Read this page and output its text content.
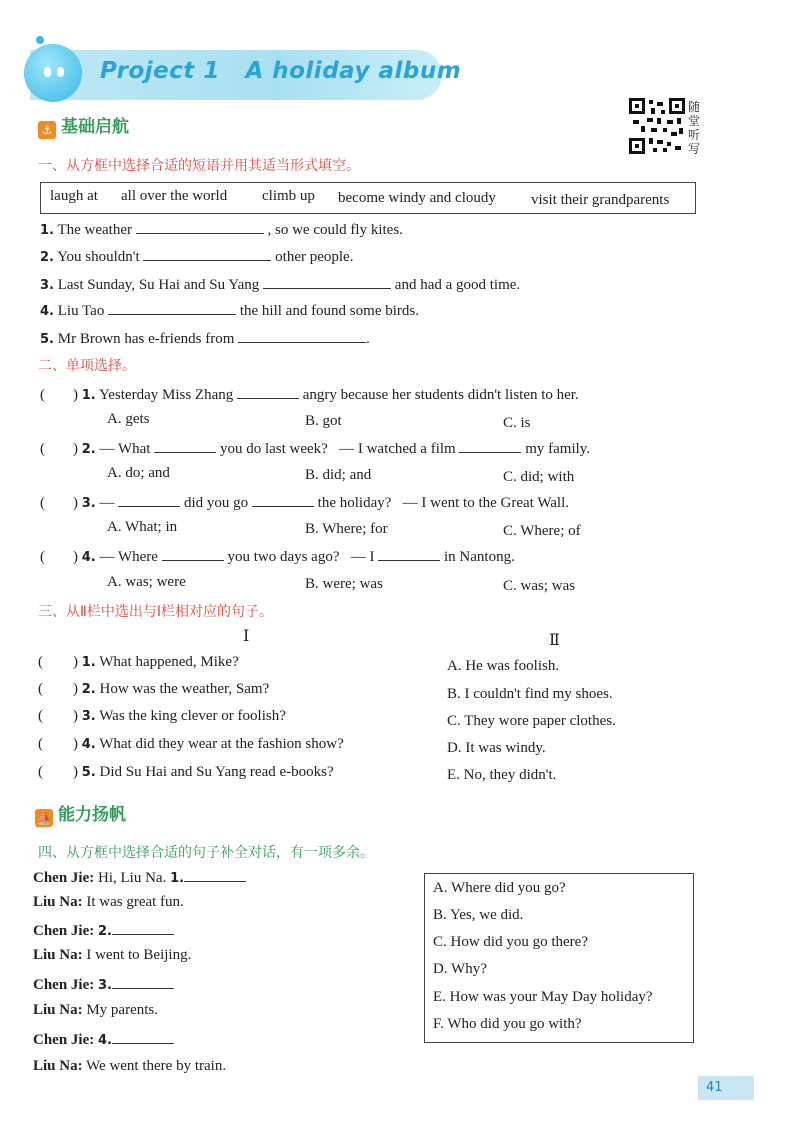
Project 1   A holiday album
随
堂
听
写
⚓ 基础启航
一、从方框中选择合适的短语并用其适当形式填空。
laugh at all over the world climb up become windy and cloudy visit their grandparents
1. The weather	, so we could fly kites.
2. You shouldn't	other people.
3. Last Sunday, Su Hai and Su Yang	and had a good time.
4. Liu Tao	the hill and found some birds.
5. Mr Brown has e-friends from	.
二、单项选择。
( ) 1. Yesterday Miss Zhang	angry because her students didn't listen to her.
A. gets	B. got	C. is
( ) 2. — What	you do last week?   — I watched a film	my family.
A. do; and	B. did; and	C. did; with
( ) 3. —	did you go	the holiday?   — I went to the Great Wall.
A. What; in	B. Where; for	C. Where; of
( ) 4. — Where	you two days ago?   — I	in Nantong.
A. was; were	B. were; was	C. was; was
三、从Ⅱ栏中选出与Ⅰ栏相对应的句子。
Ⅰ	Ⅱ
( ) 1. What happened, Mike?
( ) 2. How was the weather, Sam?
( ) 3. Was the king clever or foolish?
( ) 4. What did they wear at the fashion show?
( ) 5. Did Su Hai and Su Yang read e-books?
A. He was foolish.
B. I couldn't find my shoes.
C. They wore paper clothes.
D. It was windy.
E. No, they didn't.
⛵ 能力扬帆
四、从方框中选择合适的句子补全对话，有一项多余。
Chen Jie: Hi, Liu Na. 1.
Liu Na: It was great fun.
Chen Jie: 2.
Liu Na: I went to Beijing.
Chen Jie: 3.
Liu Na: My parents.
Chen Jie: 4.
Liu Na: We went there by train.
A. Where did you go?
B. Yes, we did.
C. How did you go there?
D. Why?
E. How was your May Day holiday?
F. Who did you go with?
41
